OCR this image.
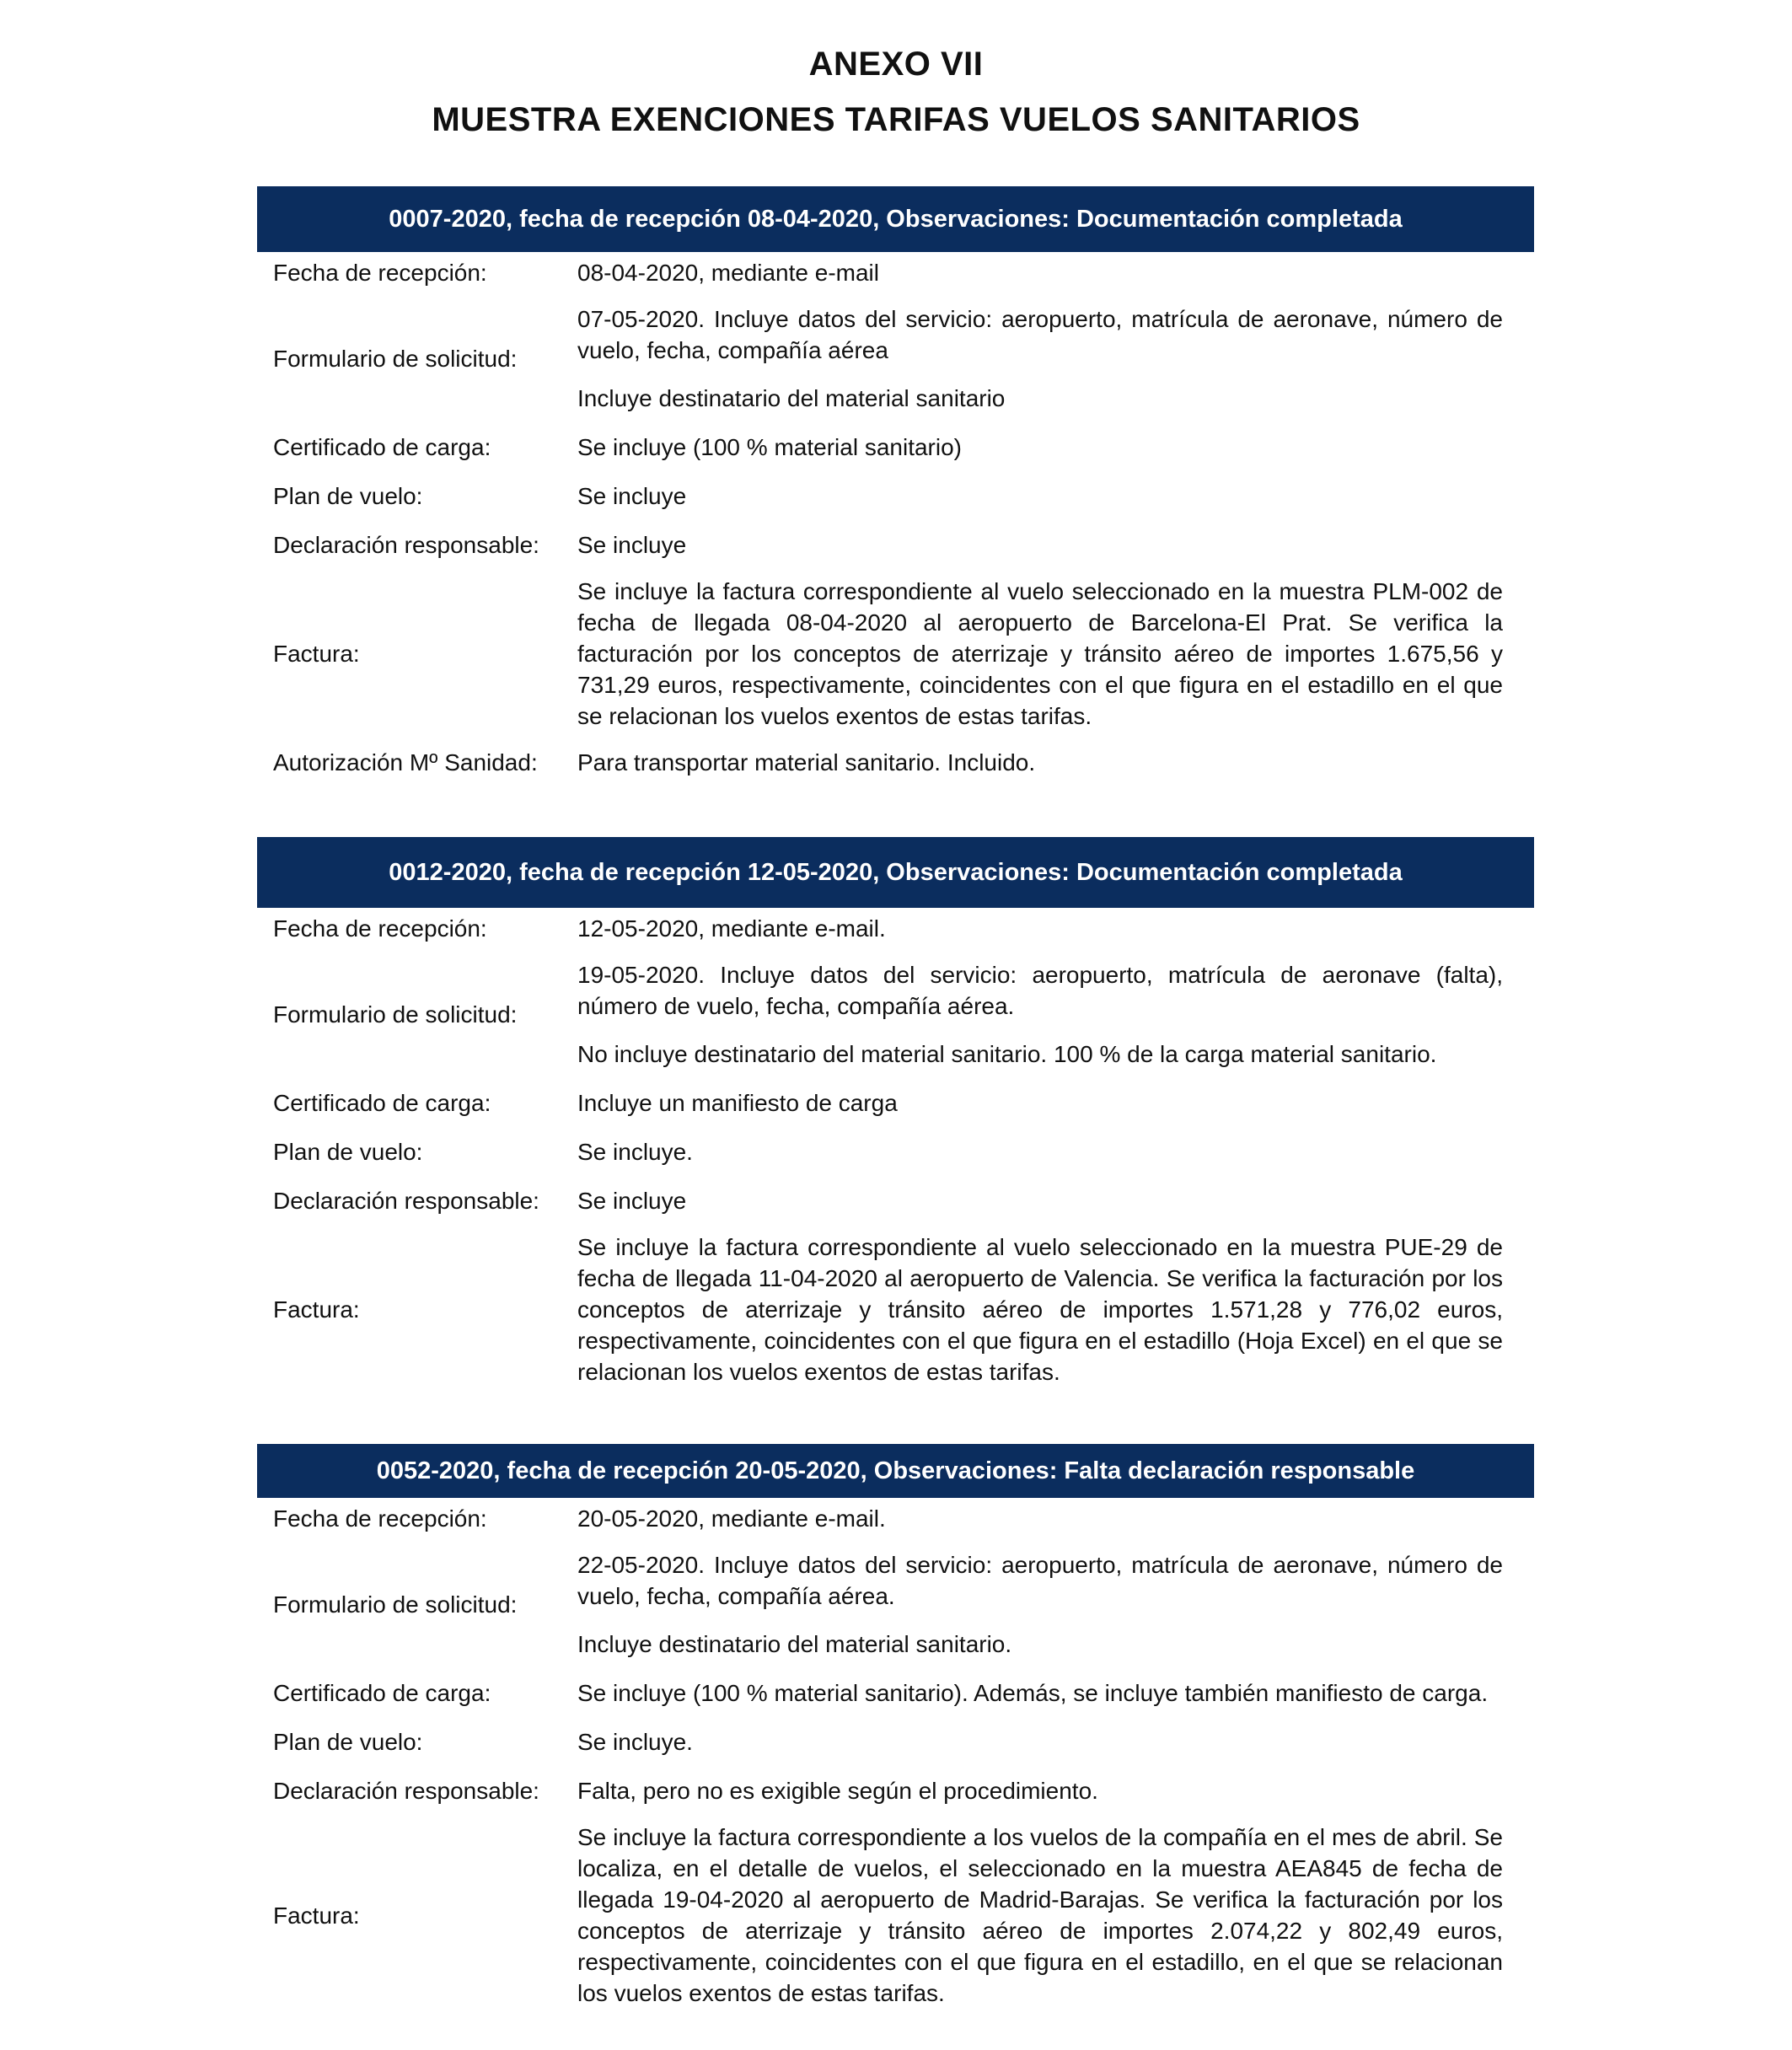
ANEXO VII
MUESTRA EXENCIONES TARIFAS VUELOS SANITARIOS
0007-2020, fecha de recepción 08-04-2020, Observaciones: Documentación completada
Fecha de recepción:	08-04-2020, mediante e-mail
Formulario de solicitud:
07-05-2020. Incluye datos del servicio: aeropuerto, matrícula de aeronave, número de vuelo, fecha, compañía aérea
Incluye destinatario del material sanitario
Certificado de carga:	Se incluye (100 % material sanitario)
Plan de vuelo:	Se incluye
Declaración responsable:	Se incluye
Factura:
Se incluye la factura correspondiente al vuelo seleccionado en la muestra PLM-002 de fecha de llegada 08-04-2020 al aeropuerto de Barcelona-El Prat. Se verifica la facturación por los conceptos de aterrizaje y tránsito aéreo de importes 1.675,56 y 731,29 euros, respectivamente, coincidentes con el que figura en el estadillo en el que se relacionan los vuelos exentos de estas tarifas.
Autorización Mº Sanidad:	Para transportar material sanitario. Incluido.
0012-2020, fecha de recepción 12-05-2020, Observaciones: Documentación completada
Fecha de recepción:	12-05-2020, mediante e-mail.
Formulario de solicitud:
19-05-2020. Incluye datos del servicio: aeropuerto, matrícula de aeronave (falta), número de vuelo, fecha, compañía aérea.
No incluye destinatario del material sanitario. 100 % de la carga material sanitario.
Certificado de carga:	Incluye un manifiesto de carga
Plan de vuelo:	Se incluye.
Declaración responsable:	Se incluye
Factura:
Se incluye la factura correspondiente al vuelo seleccionado en la muestra PUE-29 de fecha de llegada 11-04-2020 al aeropuerto de Valencia. Se verifica la facturación por los conceptos de aterrizaje y tránsito aéreo de importes 1.571,28 y 776,02 euros, respectivamente, coincidentes con el que figura en el estadillo (Hoja Excel) en el que se relacionan los vuelos exentos de estas tarifas.
0052-2020, fecha de recepción 20-05-2020, Observaciones: Falta declaración responsable
Fecha de recepción:	20-05-2020, mediante e-mail.
Formulario de solicitud:
22-05-2020. Incluye datos del servicio: aeropuerto, matrícula de aeronave, número de vuelo, fecha, compañía aérea.
Incluye destinatario del material sanitario.
Certificado de carga:	Se incluye (100 % material sanitario). Además, se incluye también manifiesto de carga.
Plan de vuelo:	Se incluye.
Declaración responsable:	Falta, pero no es exigible según el procedimiento.
Factura:
Se incluye la factura correspondiente a los vuelos de la compañía en el mes de abril. Se localiza, en el detalle de vuelos, el seleccionado en la muestra AEA845 de fecha de llegada 19-04-2020 al aeropuerto de Madrid-Barajas. Se verifica la facturación por los conceptos de aterrizaje y tránsito aéreo de importes 2.074,22 y 802,49 euros, respectivamente, coincidentes con el que figura en el estadillo, en el que se relacionan los vuelos exentos de estas tarifas.
